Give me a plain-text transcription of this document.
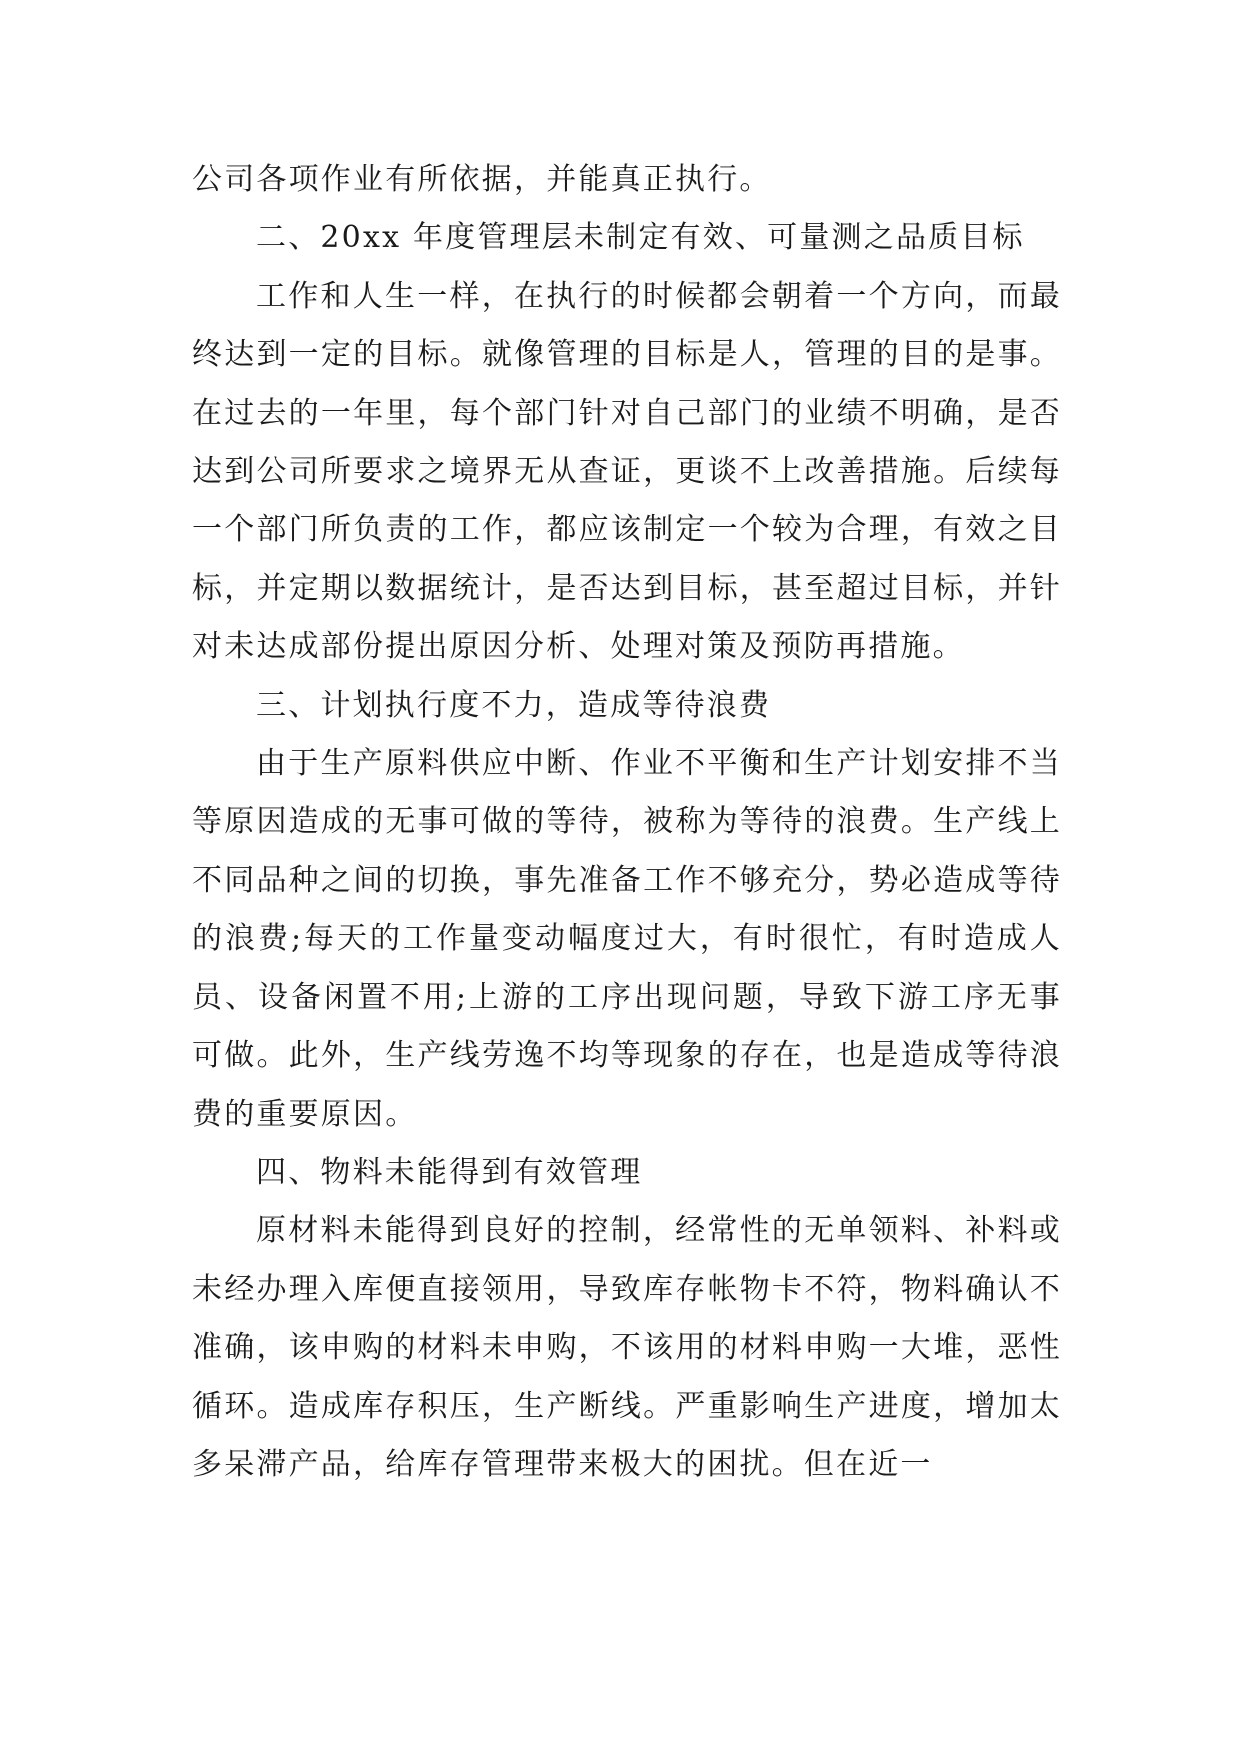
公司各项作业有所依据，并能真正执行。

二、20xx 年度管理层未制定有效、可量测之品质目标

工作和人生一样，在执行的时候都会朝着一个方向，而最终达到一定的目标。就像管理的目标是人，管理的目的是事。在过去的一年里，每个部门针对自己部门的业绩不明确，是否达到公司所要求之境界无从查证，更谈不上改善措施。后续每一个部门所负责的工作，都应该制定一个较为合理，有效之目标，并定期以数据统计，是否达到目标，甚至超过目标，并针对未达成部份提出原因分析、处理对策及预防再措施。

三、计划执行度不力，造成等待浪费

由于生产原料供应中断、作业不平衡和生产计划安排不当等原因造成的无事可做的等待，被称为等待的浪费。生产线上不同品种之间的切换，事先准备工作不够充分，势必造成等待的浪费;每天的工作量变动幅度过大，有时很忙，有时造成人员、设备闲置不用;上游的工序出现问题，导致下游工序无事可做。此外，生产线劳逸不均等现象的存在，也是造成等待浪费的重要原因。

四、物料未能得到有效管理

原材料未能得到良好的控制，经常性的无单领料、补料或未经办理入库便直接领用，导致库存帐物卡不符，物料确认不准确，该申购的材料未申购，不该用的材料申购一大堆，恶性循环。造成库存积压，生产断线。严重影响生产进度，增加太多呆滞产品，给库存管理带来极大的困扰。但在近一
